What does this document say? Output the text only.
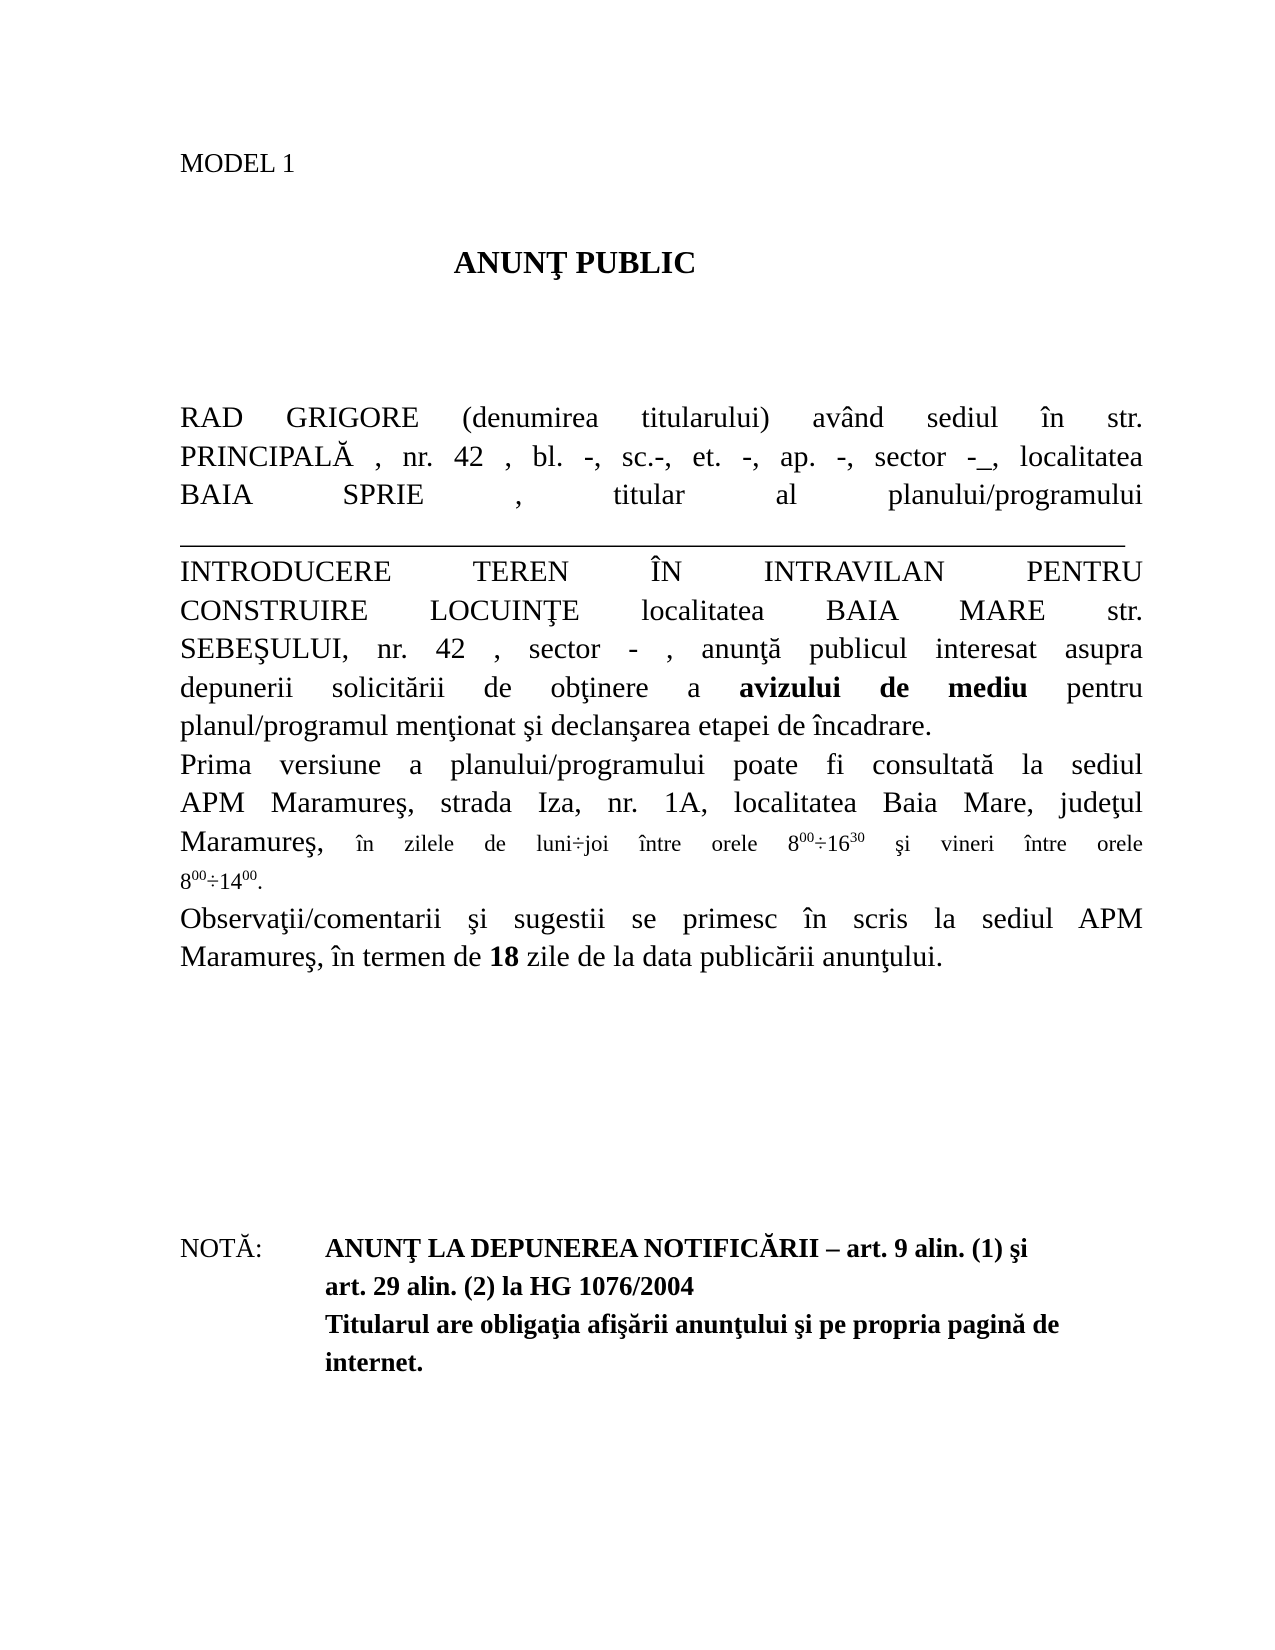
MODEL 1
ANUNŢ PUBLIC
RAD GRIGORE (denumirea titularului) având sediul în str.
PRINCIPALĂ , nr. 42 , bl. -, sc.-, et. -, ap. -, sector -_, localitatea
BAIA SPRIE , titular al planului/programului
_______________________________________________________________
INTRODUCERE TEREN ÎN INTRAVILAN PENTRU
CONSTRUIRE LOCUINŢE localitatea BAIA MARE str.
SEBEŞULUI, nr. 42 , sector - , anunţă publicul interesat asupra
depunerii solicitării de obţinere a avizului de mediu pentru
planul/programul menţionat şi declanşarea etapei de încadrare.
Prima versiune a planului/programului poate fi consultată la sediul
APM Maramureş, strada Iza, nr. 1A, localitatea Baia Mare, judeţul
Maramureş, în zilele de luni÷joi între orele $8^{00}\div 16^{30}$ şi vineri între orele
$8^{00}\div 14^{00}$.
Observaţii/comentarii şi sugestii se primesc în scris la sediul APM
Maramureş, în termen de 18 zile de la data publicării anunţului.
NOTĂ:	ANUNŢ LA DEPUNEREA NOTIFICĂRII – art. 9 alin. (1) şi
art. 29 alin. (2) la HG 1076/2004
Titularul are obligaţia afişării anunţului şi pe propria pagină de
internet.
